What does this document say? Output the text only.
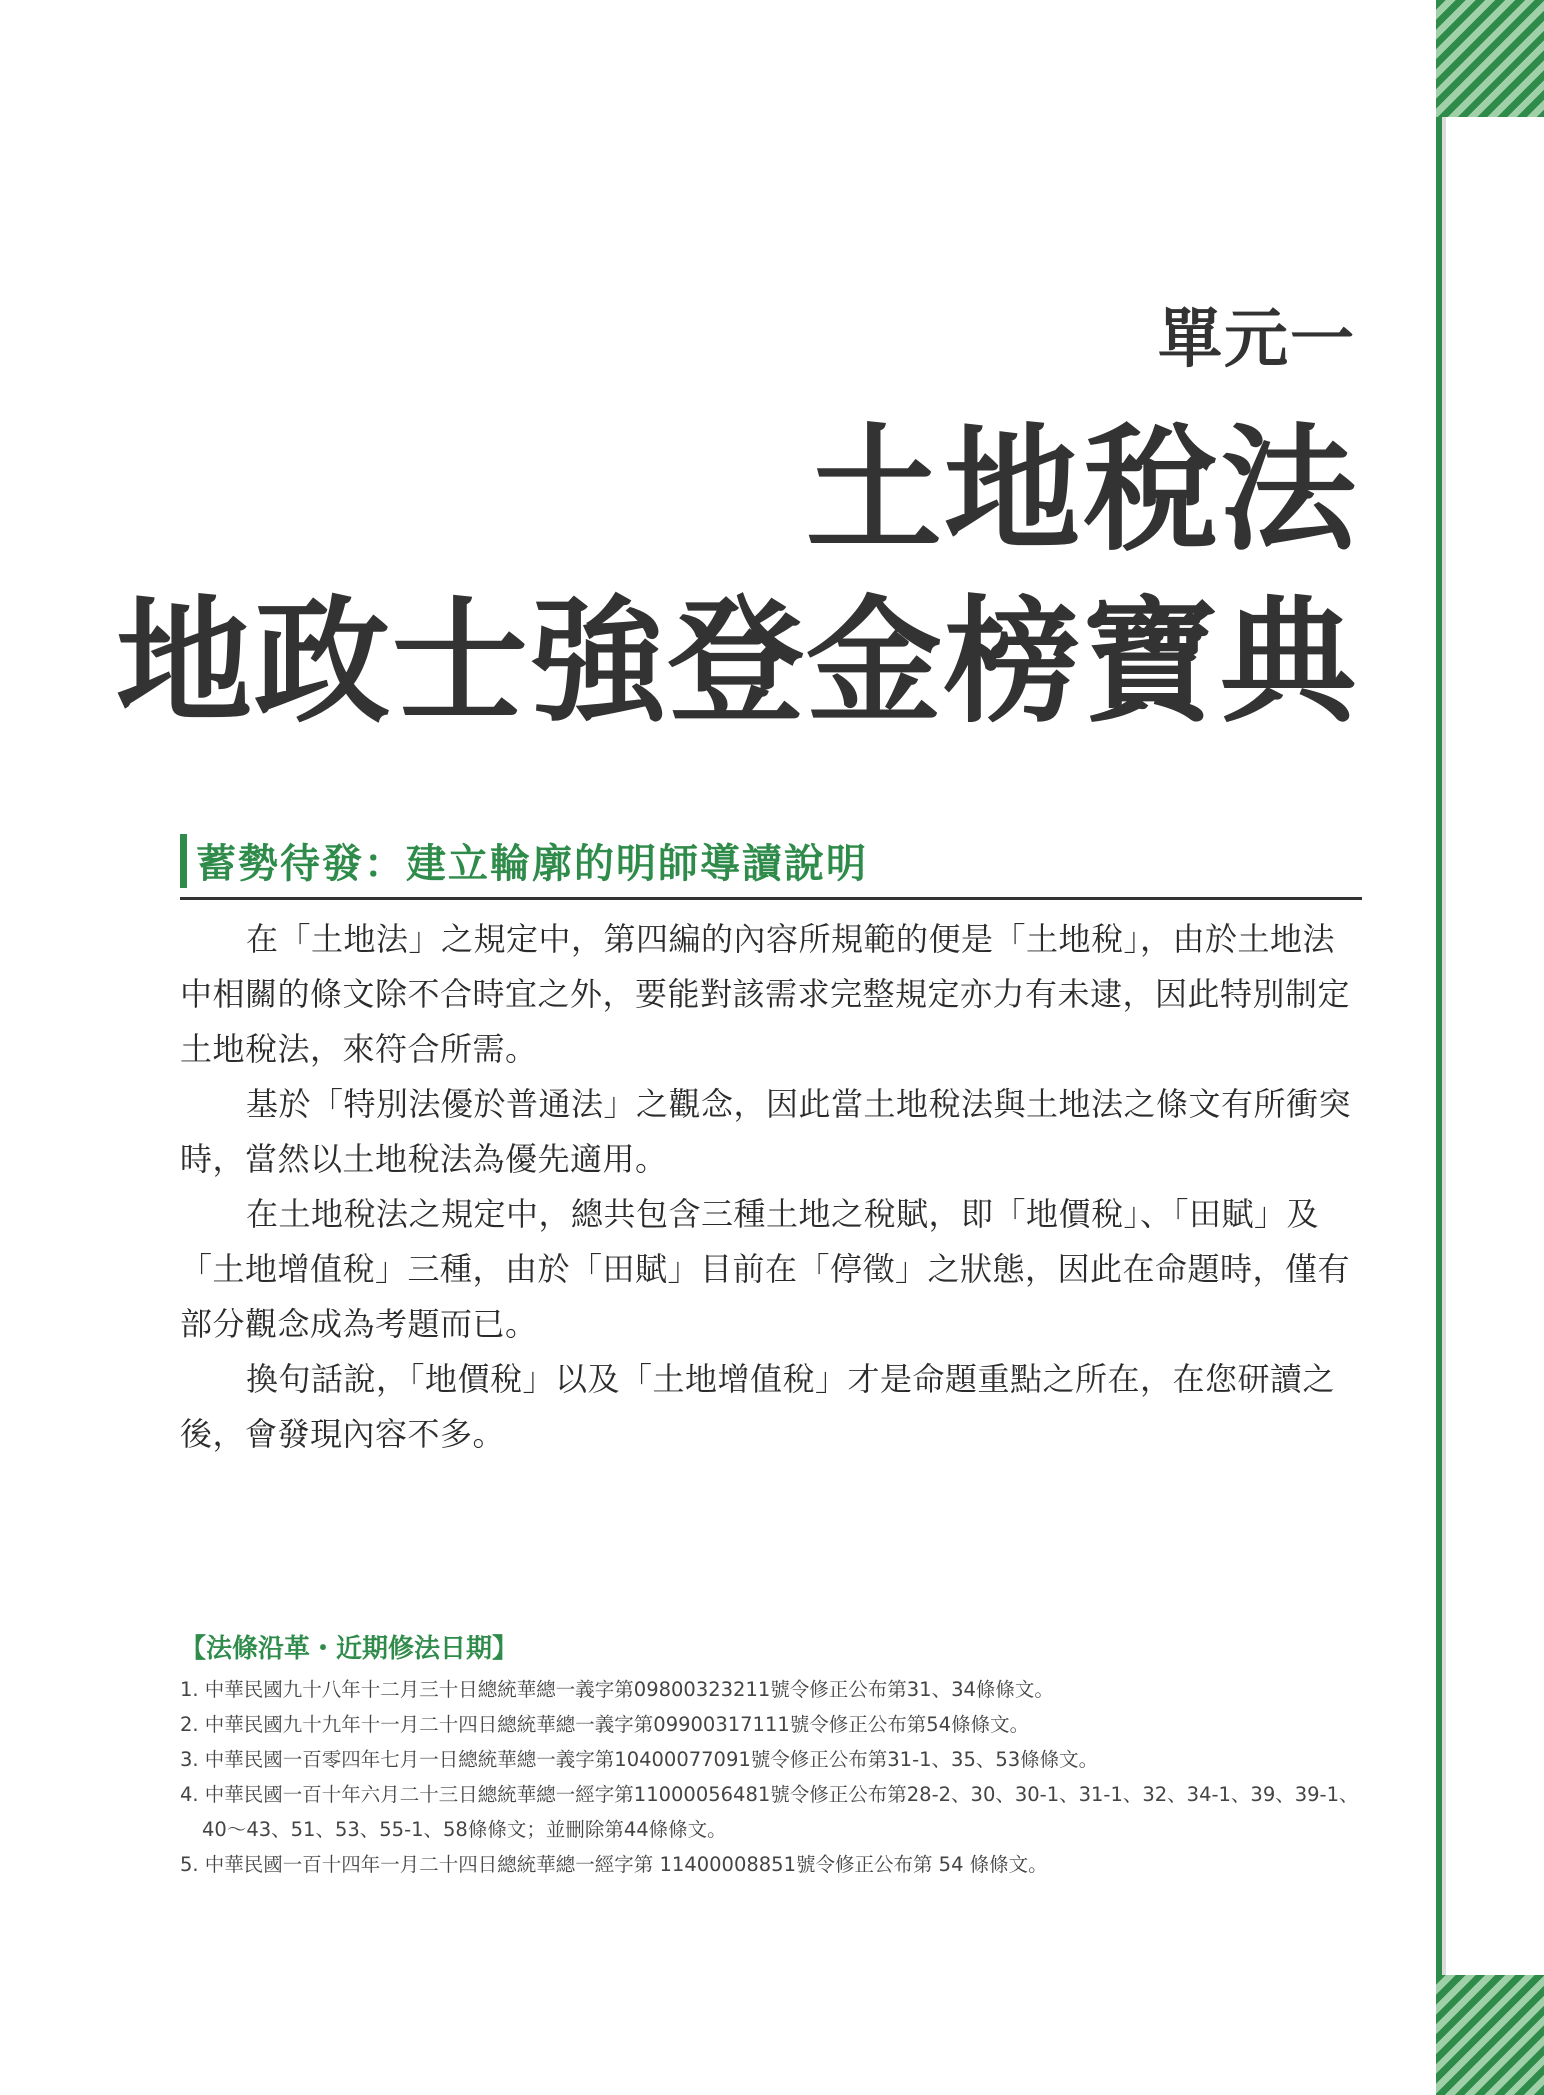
單元一
土地稅法
地政士強登金榜寶典
蓄勢待發：建立輪廓的明師導讀說明

在「土地法」之規定中，第四編的內容所規範的便是「土地稅」，由於土地法中相關的條文除不合時宜之外，要能對該需求完整規定亦力有未逮，因此特別制定土地稅法，來符合所需。

基於「特別法優於普通法」之觀念，因此當土地稅法與土地法之條文有所衝突時，當然以土地稅法為優先適用。

在土地稅法之規定中，總共包含三種土地之稅賦，即「地價稅」、「田賦」及「土地增值稅」三種，由於「田賦」目前在「停徵」之狀態，因此在命題時，僅有部分觀念成為考題而已。

換句話說，「地價稅」以及「土地增值稅」才是命題重點之所在，在您研讀之後，會發現內容不多。

【法條沿革・近期修法日期】
1. 中華民國九十八年十二月三十日總統華總一義字第09800323211號令修正公布第31、34條條文。
2. 中華民國九十九年十一月二十四日總統華總一義字第09900317111號令修正公布第54條條文。
3. 中華民國一百零四年七月一日總統華總一義字第10400077091號令修正公布第31-1、35、53條條文。
4. 中華民國一百十年六月二十三日總統華總一經字第11000056481號令修正公布第28-2、30、30-1、31-1、32、34-1、39、39-1、40～43、51、53、55-1、58條條文；並刪除第44條條文。
5. 中華民國一百十四年一月二十四日總統華總一經字第 11400008851號令修正公布第 54 條條文。
